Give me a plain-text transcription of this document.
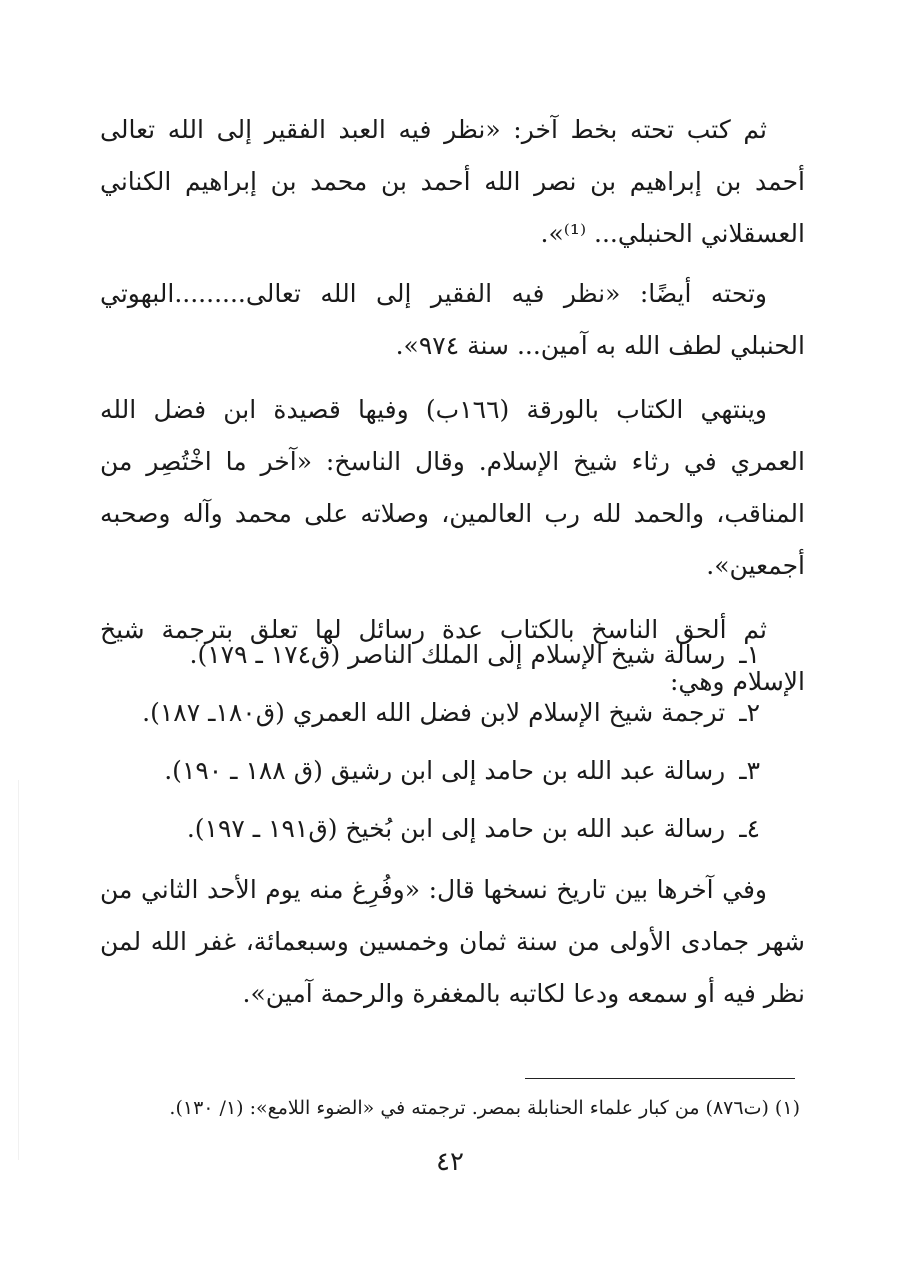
ثم كتب تحته بخط آخر: «نظر فيه العبد الفقير إلى الله تعالى أحمد بن إبراهيم بن نصر الله أحمد بن محمد بن إبراهيم الكناني العسقلاني الحنبلي... ⁽¹⁾».

وتحته أيضًا: «نظر فيه الفقير إلى الله تعالى.........البهوتي الحنبلي لطف الله به آمين... سنة ٩٧٤».

وينتهي الكتاب بالورقة (١٦٦ب) وفيها قصيدة ابن فضل الله العمري في رثاء شيخ الإسلام. وقال الناسخ: «آخر ما اخْتُصِر من المناقب، والحمد لله رب العالمين، وصلاته على محمد وآله وصحبه أجمعين».

ثم ألحق الناسخ بالكتاب عدة رسائل لها تعلق بترجمة شيخ الإسلام وهي:

١ـرسالة شيخ الإسلام إلى الملك الناصر (ق١٧٤ ـ ١٧٩).
٢ـترجمة شيخ الإسلام لابن فضل الله العمري (ق١٨٠ـ ١٨٧).
٣ـرسالة عبد الله بن حامد إلى ابن رشيق (ق ١٨٨ ـ ١٩٠).
٤ـرسالة عبد الله بن حامد إلى ابن بُخيخ (ق١٩١ ـ ١٩٧).

وفي آخرها بين تاريخ نسخها قال: «وفُرِغ منه يوم الأحد الثاني من شهر جمادى الأولى من سنة ثمان وخمسين وسبعمائة، غفر الله لمن نظر فيه أو سمعه ودعا لكاتبه بالمغفرة والرحمة آمين».

(١) (ت٨٧٦) من كبار علماء الحنابلة بمصر. ترجمته في «الضوء اللامع»: (١/ ١٣٠).

٤٢
